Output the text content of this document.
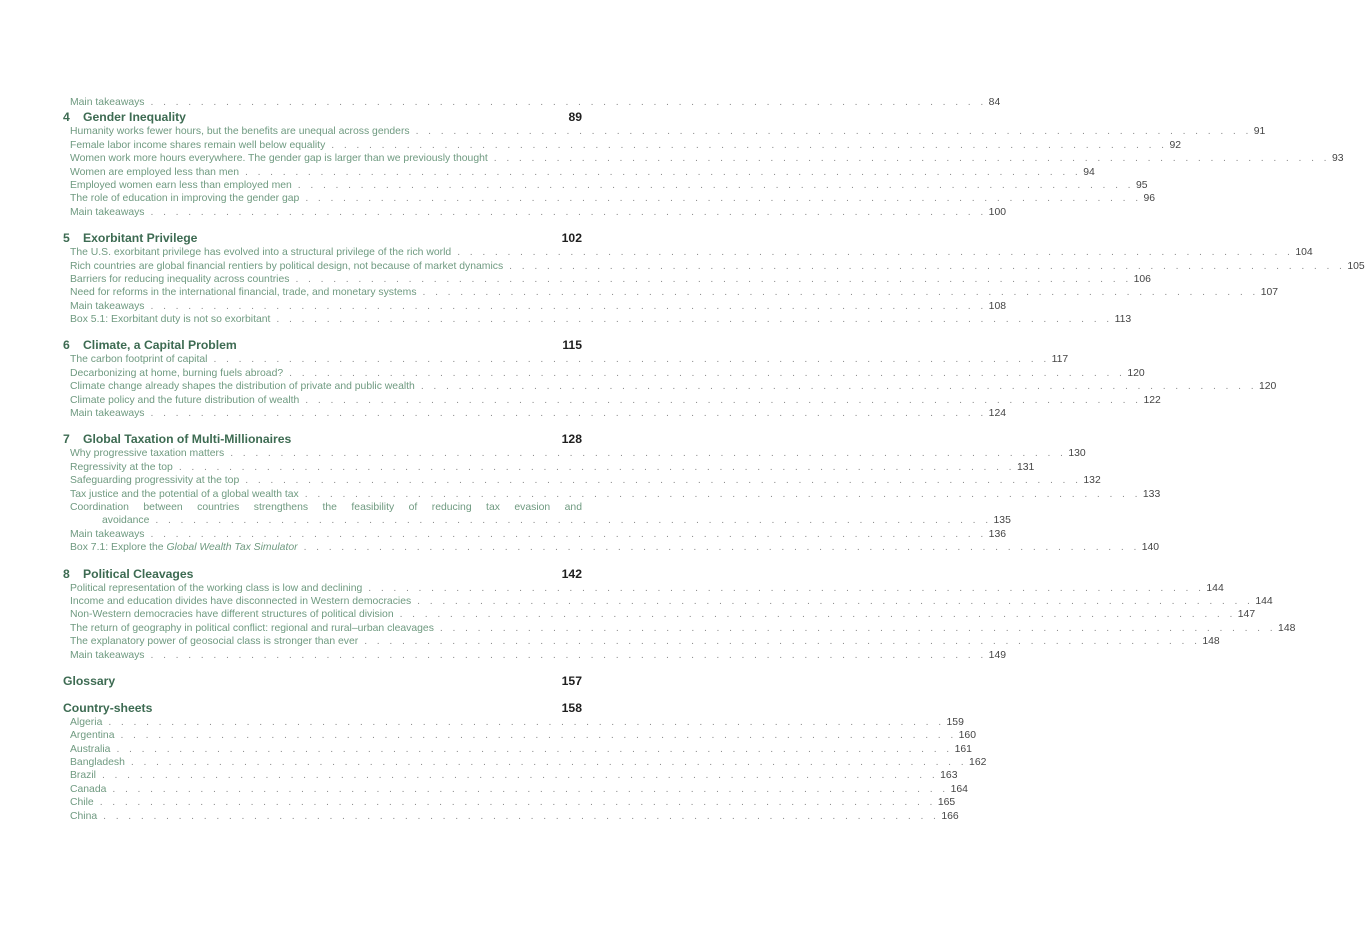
Main takeaways . . . . . . . . . . . . . . . . . . . . . . . . . . . . . . . . . . . . . . . . . . . . . . . . . . . . . . . . . . . . . . . . . . . 84
4	Gender Inequality	89
Humanity works fewer hours, but the benefits are unequal across genders . . . . . . . . . . . . . . . . . . . . . . . . . . . . . . . . . . . . . . . . . . . . . . . . . . . . . . . . . . . . . . . . . . . 91
Female labor income shares remain well below equality . . . . . . . . . . . . . . . . . . . . . . . . . . . . . . . . . . . . . . . . . . . . . . . . . . . . . . . . . . . . . . . . . . . 92
Women work more hours everywhere. The gender gap is larger than we previously thought . . . . . . . . . . . . . . . . . . . . . . . . . . . . . . . . . . . . . . . . . . . . . . . . . . . . . . . . . . . . . . . . . . . 93
Women are employed less than men . . . . . . . . . . . . . . . . . . . . . . . . . . . . . . . . . . . . . . . . . . . . . . . . . . . . . . . . . . . . . . . . . . . 94
Employed women earn less than employed men . . . . . . . . . . . . . . . . . . . . . . . . . . . . . . . . . . . . . . . . . . . . . . . . . . . . . . . . . . . . . . . . . . . 95
The role of education in improving the gender gap . . . . . . . . . . . . . . . . . . . . . . . . . . . . . . . . . . . . . . . . . . . . . . . . . . . . . . . . . . . . . . . . . . . 96
Main takeaways . . . . . . . . . . . . . . . . . . . . . . . . . . . . . . . . . . . . . . . . . . . . . . . . . . . . . . . . . . . . . . . . . . . 100
5	Exorbitant Privilege	102
The U.S. exorbitant privilege has evolved into a structural privilege of the rich world . . . . . . . . . . . . . . . . . . . . . . . . . . . . . . . . . . . . . . . . . . . . . . . . . . . . . . . . . . . . . . . . . . . 104
Rich countries are global financial rentiers by political design, not because of market dynamics . . . . . . . . . . . . . . . . . . . . . . . . . . . . . . . . . . . . . . . . . . . . . . . . . . . . . . . . . . . . . . . . . . . 105
Barriers for reducing inequality across countries . . . . . . . . . . . . . . . . . . . . . . . . . . . . . . . . . . . . . . . . . . . . . . . . . . . . . . . . . . . . . . . . . . . 106
Need for reforms in the international financial, trade, and monetary systems . . . . . . . . . . . . . . . . . . . . . . . . . . . . . . . . . . . . . . . . . . . . . . . . . . . . . . . . . . . . . . . . . . . 107
Main takeaways . . . . . . . . . . . . . . . . . . . . . . . . . . . . . . . . . . . . . . . . . . . . . . . . . . . . . . . . . . . . . . . . . . . 108
Box 5.1: Exorbitant duty is not so exorbitant . . . . . . . . . . . . . . . . . . . . . . . . . . . . . . . . . . . . . . . . . . . . . . . . . . . . . . . . . . . . . . . . . . . 113
6	Climate, a Capital Problem	115
The carbon footprint of capital . . . . . . . . . . . . . . . . . . . . . . . . . . . . . . . . . . . . . . . . . . . . . . . . . . . . . . . . . . . . . . . . . . . 117
Decarbonizing at home, burning fuels abroad? . . . . . . . . . . . . . . . . . . . . . . . . . . . . . . . . . . . . . . . . . . . . . . . . . . . . . . . . . . . . . . . . . . . 120
Climate change already shapes the distribution of private and public wealth . . . . . . . . . . . . . . . . . . . . . . . . . . . . . . . . . . . . . . . . . . . . . . . . . . . . . . . . . . . . . . . . . . . 120
Climate policy and the future distribution of wealth . . . . . . . . . . . . . . . . . . . . . . . . . . . . . . . . . . . . . . . . . . . . . . . . . . . . . . . . . . . . . . . . . . . 122
Main takeaways . . . . . . . . . . . . . . . . . . . . . . . . . . . . . . . . . . . . . . . . . . . . . . . . . . . . . . . . . . . . . . . . . . . 124
7	Global Taxation of Multi-Millionaires	128
Why progressive taxation matters . . . . . . . . . . . . . . . . . . . . . . . . . . . . . . . . . . . . . . . . . . . . . . . . . . . . . . . . . . . . . . . . . . . 130
Regressivity at the top . . . . . . . . . . . . . . . . . . . . . . . . . . . . . . . . . . . . . . . . . . . . . . . . . . . . . . . . . . . . . . . . . . . 131
Safeguarding progressivity at the top . . . . . . . . . . . . . . . . . . . . . . . . . . . . . . . . . . . . . . . . . . . . . . . . . . . . . . . . . . . . . . . . . . . 132
Tax justice and the potential of a global wealth tax . . . . . . . . . . . . . . . . . . . . . . . . . . . . . . . . . . . . . . . . . . . . . . . . . . . . . . . . . . . . . . . . . . . 133
Coordination between countries strengthens the feasibility of reducing tax evasion and
avoidance . . . . . . . . . . . . . . . . . . . . . . . . . . . . . . . . . . . . . . . . . . . . . . . . . . . . . . . . . . . . . . . . . . . 135
Main takeaways . . . . . . . . . . . . . . . . . . . . . . . . . . . . . . . . . . . . . . . . . . . . . . . . . . . . . . . . . . . . . . . . . . . 136
Box 7.1: Explore the Global Wealth Tax Simulator . . . . . . . . . . . . . . . . . . . . . . . . . . . . . . . . . . . . . . . . . . . . . . . . . . . . . . . . . . . . . . . . . . . 140
8	Political Cleavages	142
Political representation of the working class is low and declining . . . . . . . . . . . . . . . . . . . . . . . . . . . . . . . . . . . . . . . . . . . . . . . . . . . . . . . . . . . . . . . . . . . 144
Income and education divides have disconnected in Western democracies . . . . . . . . . . . . . . . . . . . . . . . . . . . . . . . . . . . . . . . . . . . . . . . . . . . . . . . . . . . . . . . . . . . 144
Non-Western democracies have different structures of political division . . . . . . . . . . . . . . . . . . . . . . . . . . . . . . . . . . . . . . . . . . . . . . . . . . . . . . . . . . . . . . . . . . . 147
The return of geography in political conflict: regional and rural–urban cleavages . . . . . . . . . . . . . . . . . . . . . . . . . . . . . . . . . . . . . . . . . . . . . . . . . . . . . . . . . . . . . . . . . . . 148
The explanatory power of geosocial class is stronger than ever . . . . . . . . . . . . . . . . . . . . . . . . . . . . . . . . . . . . . . . . . . . . . . . . . . . . . . . . . . . . . . . . . . . 148
Main takeaways . . . . . . . . . . . . . . . . . . . . . . . . . . . . . . . . . . . . . . . . . . . . . . . . . . . . . . . . . . . . . . . . . . . 149
Glossary	157
Country-sheets	158
Algeria . . . . . . . . . . . . . . . . . . . . . . . . . . . . . . . . . . . . . . . . . . . . . . . . . . . . . . . . . . . . . . . . . . . 159
Argentina . . . . . . . . . . . . . . . . . . . . . . . . . . . . . . . . . . . . . . . . . . . . . . . . . . . . . . . . . . . . . . . . . . . 160
Australia . . . . . . . . . . . . . . . . . . . . . . . . . . . . . . . . . . . . . . . . . . . . . . . . . . . . . . . . . . . . . . . . . . . 161
Bangladesh . . . . . . . . . . . . . . . . . . . . . . . . . . . . . . . . . . . . . . . . . . . . . . . . . . . . . . . . . . . . . . . . . . . 162
Brazil . . . . . . . . . . . . . . . . . . . . . . . . . . . . . . . . . . . . . . . . . . . . . . . . . . . . . . . . . . . . . . . . . . . 163
Canada . . . . . . . . . . . . . . . . . . . . . . . . . . . . . . . . . . . . . . . . . . . . . . . . . . . . . . . . . . . . . . . . . . . 164
Chile . . . . . . . . . . . . . . . . . . . . . . . . . . . . . . . . . . . . . . . . . . . . . . . . . . . . . . . . . . . . . . . . . . . 165
China . . . . . . . . . . . . . . . . . . . . . . . . . . . . . . . . . . . . . . . . . . . . . . . . . . . . . . . . . . . . . . . . . . . 166
